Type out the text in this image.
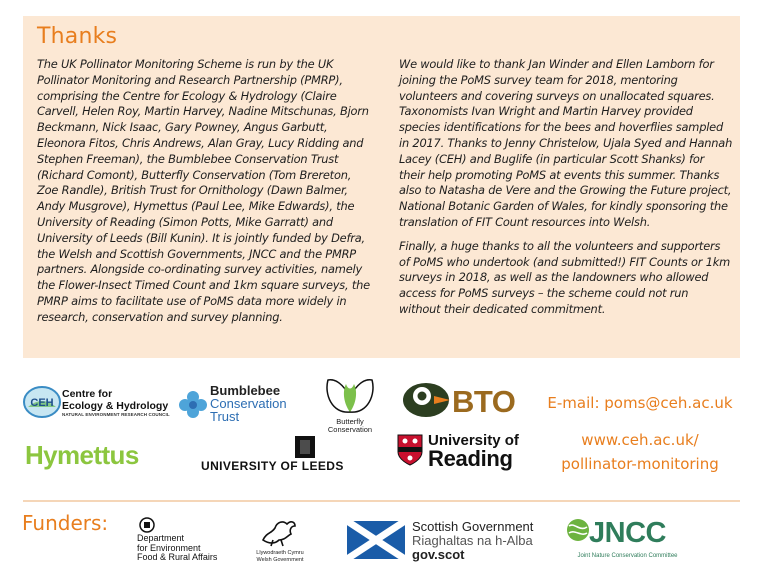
Thanks

The UK Pollinator Monitoring Scheme is run by the UK Pollinator Monitoring and Research Partnership (PMRP), comprising the Centre for Ecology & Hydrology (Claire Carvell, Helen Roy, Martin Harvey, Nadine Mitschunas, Bjorn Beckmann, Nick Isaac, Gary Powney, Angus Garbutt, Eleonora Fitos, Chris Andrews, Alan Gray, Lucy Ridding and Stephen Freeman), the Bumblebee Conservation Trust (Richard Comont), Butterfly Conservation (Tom Brereton, Zoe Randle), British Trust for Ornithology (Dawn Balmer, Andy Musgrove), Hymettus (Paul Lee, Mike Edwards), the University of Reading (Simon Potts, Mike Garratt) and University of Leeds (Bill Kunin). It is jointly funded by Defra, the Welsh and Scottish Governments, JNCC and the PMRP partners. Alongside co-ordinating survey activities, namely the Flower-Insect Timed Count and 1km square surveys, the PMRP aims to facilitate use of PoMS data more widely in research, conservation and survey planning.

We would like to thank Jan Winder and Ellen Lamborn for joining the PoMS survey team for 2018, mentoring volunteers and covering surveys on unallocated squares. Taxonomists Ivan Wright and Martin Harvey provided species identifications for the bees and hoverflies sampled in 2017. Thanks to Jenny Christelow, Ujala Syed and Hannah Lacey (CEH) and Buglife (in particular Scott Shanks) for their help promoting PoMS at events this summer. Thanks also to Natasha de Vere and the Growing the Future project, National Botanic Garden of Wales, for kindly sponsoring the translation of FIT Count resources into Welsh.

Finally, a huge thanks to all the volunteers and supporters of PoMS who undertook (and submitted!) FIT Counts or 1km surveys in 2018, as well as the landowners who allowed access for PoMS surveys – the scheme could not run without their dedicated commitment.

CEH
Centre for
Ecology & Hydrology
NATURAL ENVIRONMENT RESEARCH COUNCIL
Bumblebee
Conservation
Trust	Butterfly
Conservation
BTO	E-mail: poms@ceh.ac.uk
www.ceh.ac.uk/
pollinator-monitoring
Hymettus	UNIVERSITY OF LEEDS
University of
Reading
Funders:
Department
for Environment
Food & Rural Affairs	Llywodraeth Cymru
Welsh Government
Scottish Government
Riaghaltas na h-Alba
gov.scot
JNCC
Joint Nature Conservation Committee
